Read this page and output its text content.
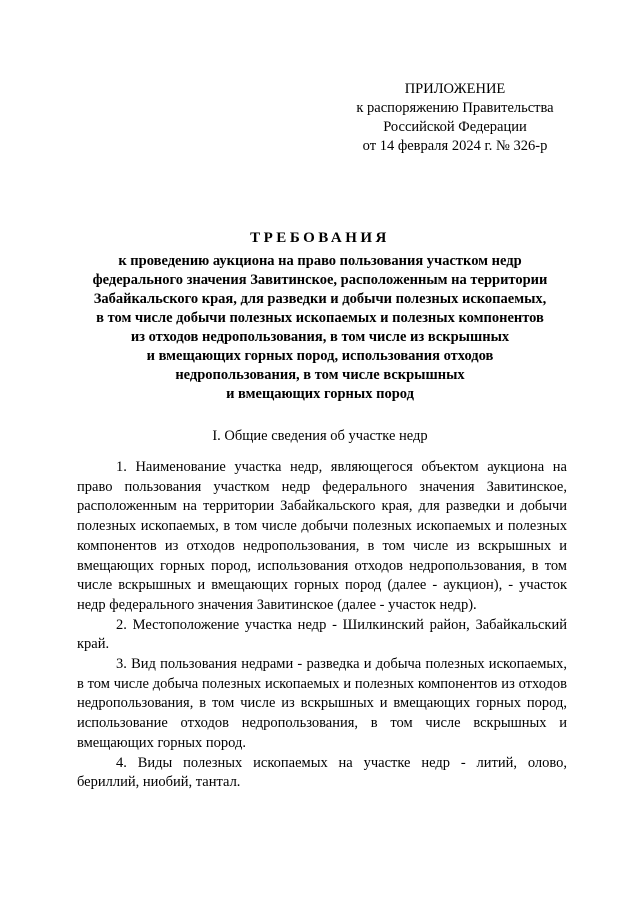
ПРИЛОЖЕНИЕ
к распоряжению Правительства
Российской Федерации
от 14 февраля 2024 г. № 326-р
ТРЕБОВАНИЯ
к проведению аукциона на право пользования участком недр
федерального значения Завитинское, расположенным на территории
Забайкальского края, для разведки и добычи полезных ископаемых,
в том числе добычи полезных ископаемых и полезных компонентов
из отходов недропользования, в том числе из вскрышных
и вмещающих горных пород, использования отходов
недропользования, в том числе вскрышных
и вмещающих горных пород
I. Общие сведения об участке недр

1. Наименование участка недр, являющегося объектом аукциона на право пользования участком недр федерального значения Завитинское, расположенным на территории Забайкальского края, для разведки и добычи полезных ископаемых, в том числе добычи полезных ископаемых и полезных компонентов из отходов недропользования, в том числе из вскрышных и вмещающих горных пород, использования отходов недропользования, в том числе вскрышных и вмещающих горных пород (далее - аукцион), - участок недр федерального значения Завитинское (далее - участок недр).

2. Местоположение участка недр - Шилкинский район, Забайкальский край.

3. Вид пользования недрами - разведка и добыча полезных ископаемых, в том числе добыча полезных ископаемых и полезных компонентов из отходов недропользования, в том числе из вскрышных и вмещающих горных пород, использование отходов недропользования, в том числе вскрышных и вмещающих горных пород.

4. Виды полезных ископаемых на участке недр - литий, олово, бериллий, ниобий, тантал.
